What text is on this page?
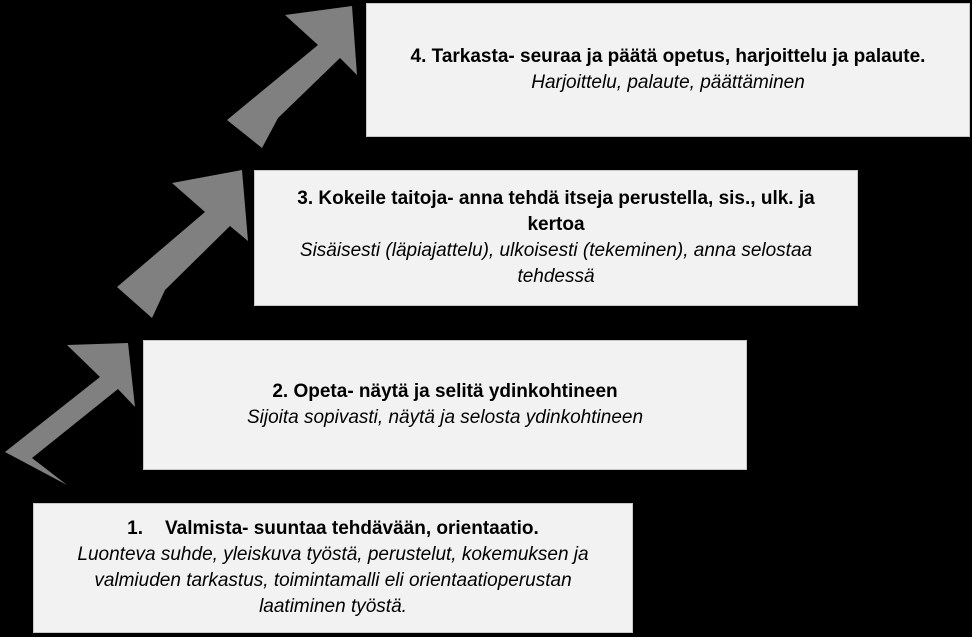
4. Tarkasta- seuraa ja päätä opetus, harjoittelu ja palaute.
Harjoittelu, palaute, päättäminen
3. Kokeile taitoja- anna tehdä itseja perustella, sis., ulk. ja kertoa
Sisäisesti (läpiajattelu), ulkoisesti (tekeminen), anna selostaa tehdessä
2. Opeta- näytä ja selitä ydinkohtineen
Sijoita sopivasti, näytä ja selosta ydinkohtineen
1. Valmista- suuntaa tehdävään, orientaatio.
Luonteva suhde, yleiskuva työstä, perustelut, kokemuksen ja valmiuden tarkastus, toimintamalli eli orientaatioperustan laatiminen työstä.
